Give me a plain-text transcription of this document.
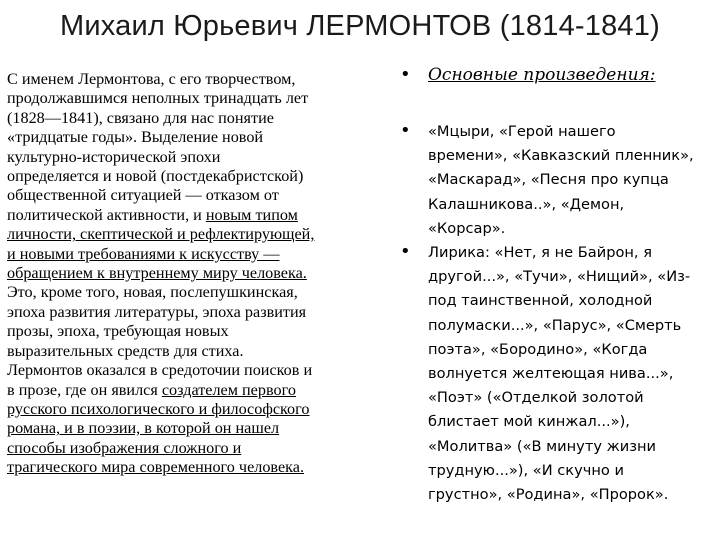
Михаил Юрьевич ЛЕРМОНТОВ (1814-1841)
С именем Лермонтова, с его творчеством,
продолжавшимся неполных тринадцать лет
(1828—1841), связано для нас понятие
«тридцатые годы». Выделение новой
культурно-исторической эпохи
определяется и новой (постдекабристской)
общественной ситуацией — отказом от
политической активности, и новым типом
личности, скептической и рефлектирующей,
и новыми требованиями к искусству —
обращением к внутреннему миру человека.
Это, кроме того, новая, послепушкинская,
эпоха развития литературы, эпоха развития
прозы, эпоха, требующая новых
выразительных средств для стиха.
Лермонтов оказался в средоточии поисков и
в прозе, где он явился создателем первого
русского психологического и философского
романа, и в поэзии, в которой он нашел
способы изображения сложного и
трагического мира современного человека.
• Основные произведения:
• «Мцыри, «Герой нашего
времени», «Кавказский пленник»,
«Маскарад», «Песня про купца
Калашникова..», «Демон,
«Корсар».
• Лирика: «Нет, я не Байрон, я
другой...», «Тучи», «Нищий», «Из-
под таинственной, холодной
полумаски...», «Парус», «Смерть
поэта», «Бородино», «Когда
волнуется желтеющая нива...»,
«Поэт» («Отделкой золотой
блистает мой кинжал...»),
«Молитва» («В минуту жизни
трудную...»), «И скучно и
грустно», «Родина», «Пророк».
